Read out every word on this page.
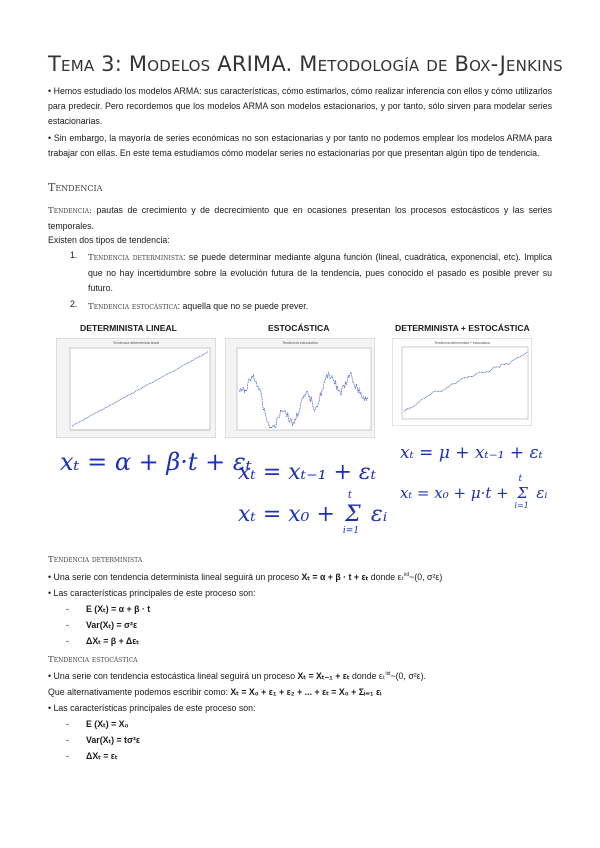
Tema 3: Modelos ARIMA. Metodología de Box-Jenkins
• Hemos estudiado los modelos ARMA: sus características, cómo estimarlos, cómo realizar inferencia con ellos y cómo utilizarlos para predecir. Pero recordemos que los modelos ARMA son modelos estacionarios, y por tanto, sólo sirven para modelar series estacionarias.
• Sin embargo, la mayoría de series económicas no son estacionarias y por tanto no podemos emplear los modelos ARMA para trabajar con ellas. En este tema estudiamos cómo modelar series no estacionarias por que presentan algún tipo de tendencia.
Tendencia
Tendencia: pautas de crecimiento y de decrecimiento que en ocasiones presentan los procesos estocásticos y las series temporales.
Existen dos tipos de tendencia:
1. Tendencia determinista: se puede determinar mediante alguna función (lineal, cuadrática, exponencial, etc). Implica que no hay incertidumbre sobre la evolución futura de la tendencia, pues conocido el pasado es posible prever su futuro.
2. Tendencia estocástica: aquella que no se puede prever.
DETERMINISTA LINEAL	ESTOCÁSTICA	DETERMINISTA + ESTOCÁSTICA
Tendencia determinista lineal	Tendencia estocástica	Tendencia determinista + estocástica
xₜ = α + β·t + εₜ
xₜ = xₜ₋₁ + εₜ
xₜ = x₀ +
t
Σ
i=1
εᵢ
xₜ = μ + xₜ₋₁ + εₜ
xₜ = x₀ + μ·t +
t
Σ
i=1
εᵢ
Tendencia determinista
• Una serie con tendencia determinista lineal seguirá un proceso Xₜ = α + β · t + εₜ donde εₜ$^{iid}$~(0, σ²ε)
• Las características principales de este proceso son:
- E (Xₜ) = α + β · t
- Var(Xₜ) = σ²ε
- ΔXₜ = β + Δεₜ
Tendencia estocástica
• Una serie con tendencia estocástica lineal seguirá un proceso Xₜ = Xₜ₋₁ + εₜ donde εₜ$^{iid}$~(0, σ²ε).
Que alternativamente podemos escribir como: Xₜ = X₀ + ε₁ + ε₂ + ... + εₜ = X₀ + Σᵢ₌₁ εᵢ
• Las características principales de este proceso son:
- E (Xₜ) = X₀
- Var(Xₜ) = tσ²ε
- ΔXₜ = εₜ
